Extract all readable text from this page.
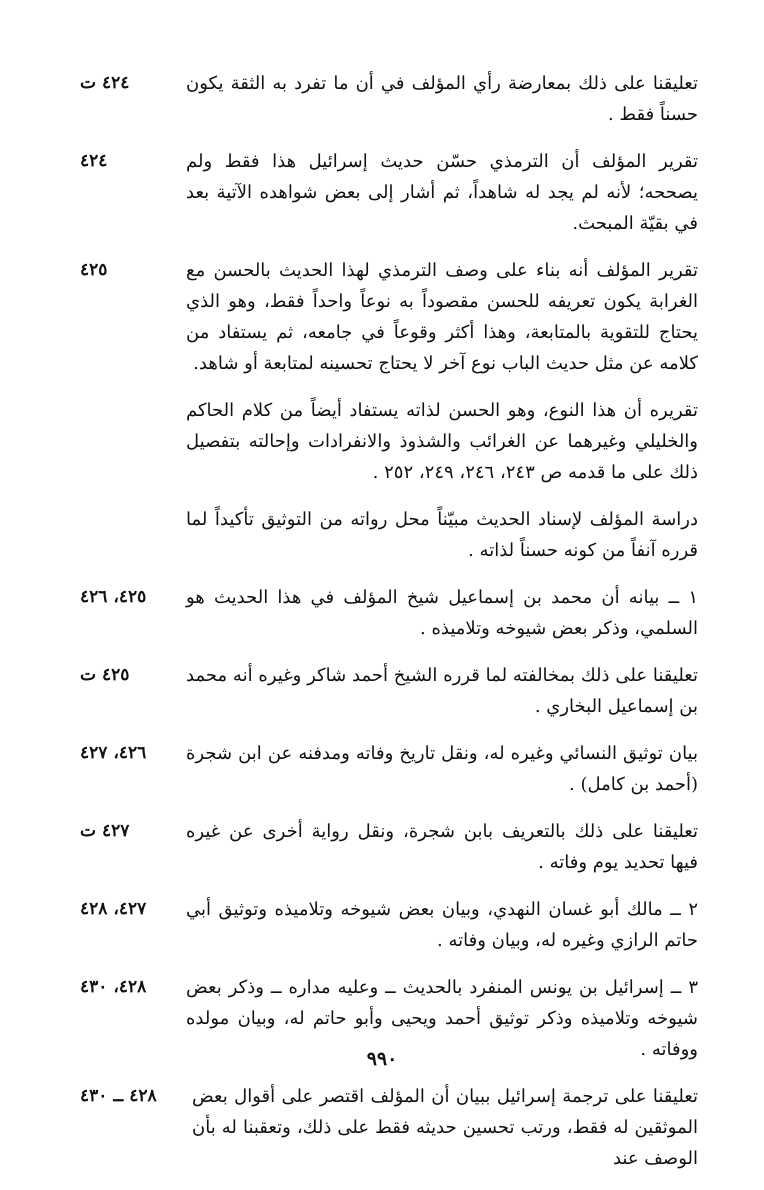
تعليقنا على ذلك بمعارضة رأي المؤلف في أن ما تفرد به الثقة يكون حسناً فقط .
٤٢٤ ت
تقرير المؤلف أن الترمذي حسّن حديث إسرائيل هذا فقط ولم يصححه؛ لأنه لم يجد له شاهداً، ثم أشار إلى بعض شواهده الآتية بعد في بقيّة المبحث.
٤٢٤
تقرير المؤلف أنه بناء على وصف الترمذي لهذا الحديث بالحسن مع الغرابة يكون تعريفه للحسن مقصوداً به نوعاً واحداً فقط، وهو الذي يحتاج للتقوية بالمتابعة، وهذا أكثر وقوعاً في جامعه، ثم يستفاد من كلامه عن مثل حديث الباب نوع آخر لا يحتاج تحسينه لمتابعة أو شاهد.
٤٢٥
تقريره أن هذا النوع، وهو الحسن لذاته يستفاد أيضاً من كلام الحاكم والخليلي وغيرهما عن الغرائب والشذوذ والانفرادات وإحالته بتفصيل ذلك على ما قدمه ص ٢٤٣، ٢٤٦، ٢٤٩، ٢٥٢ .
دراسة المؤلف لإسناد الحديث مبيّناً محل رواته من التوثيق تأكيداً لما قرره آنفاً من كونه حسناً لذاته .
١ ــ بيانه أن محمد بن إسماعيل شيخ المؤلف في هذا الحديث هو السلمي، وذكر بعض شيوخه وتلاميذه .
٤٢٥، ٤٢٦
تعليقنا على ذلك بمخالفته لما قرره الشيخ أحمد شاكر وغيره أنه محمد بن إسماعيل البخاري .
٤٢٥ ت
بيان توثيق النسائي وغيره له، ونقل تاريخ وفاته ومدفنه عن ابن شجرة (أحمد بن كامل) .
٤٢٦، ٤٢٧
تعليقنا على ذلك بالتعريف بابن شجرة، ونقل رواية أخرى عن غيره فيها تحديد يوم وفاته .
٤٢٧ ت
٢ ــ مالك أبو غسان النهدي، وبيان بعض شيوخه وتلاميذه وتوثيق أبي حاتم الرازي وغيره له، وبيان وفاته .
٤٢٧، ٤٢٨
٣ ــ إسرائيل بن يونس المنفرد بالحديث ــ وعليه مداره ــ وذكر بعض شيوخه وتلاميذه وذكر توثيق أحمد ويحيى وأبو حاتم له، وبيان مولده ووفاته .
٤٢٨، ٤٣٠
تعليقنا على ترجمة إسرائيل ببيان أن المؤلف اقتصر على أقوال بعض الموثقين له فقط، ورتب تحسين حديثه فقط على ذلك، وتعقبنا له بأن الوصف عند
٤٢٨ ــ ٤٣٠
٩٩٠
